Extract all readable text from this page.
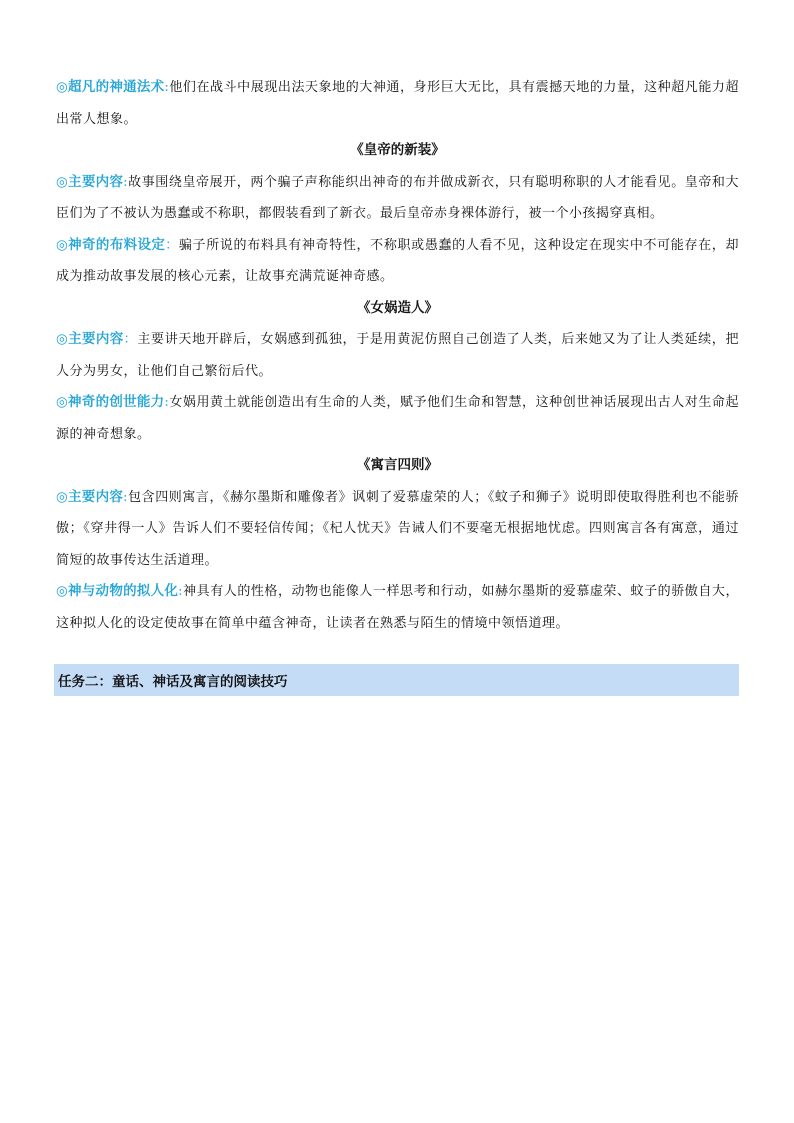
◎超凡的神通法术:他们在战斗中展现出法天象地的大神通，身形巨大无比，具有震撼天地的力量，这种超凡能力超出常人想象。

《皇帝的新装》

◎主要内容:故事围绕皇帝展开，两个骗子声称能织出神奇的布并做成新衣，只有聪明称职的人才能看见。皇帝和大臣们为了不被认为愚蠢或不称职，都假装看到了新衣。最后皇帝赤身裸体游行，被一个小孩揭穿真相。

◎神奇的布料设定：骗子所说的布料具有神奇特性，不称职或愚蠢的人看不见，这种设定在现实中不可能存在，却成为推动故事发展的核心元素，让故事充满荒诞神奇感。

《女娲造人》

◎主要内容：主要讲天地开辟后，女娲感到孤独，于是用黄泥仿照自己创造了人类，后来她又为了让人类延续，把人分为男女，让他们自己繁衍后代。

◎神奇的创世能力:女娲用黄土就能创造出有生命的人类，赋予他们生命和智慧，这种创世神话展现出古人对生命起源的神奇想象。

《寓言四则》

◎主要内容:包含四则寓言，《赫尔墨斯和雕像者》讽刺了爱慕虚荣的人；《蚊子和狮子》说明即使取得胜利也不能骄傲；《穿井得一人》告诉人们不要轻信传闻；《杞人忧天》告诫人们不要毫无根据地忧虑。四则寓言各有寓意，通过简短的故事传达生活道理。

◎神与动物的拟人化:神具有人的性格，动物也能像人一样思考和行动，如赫尔墨斯的爱慕虚荣、蚊子的骄傲自大，这种拟人化的设定使故事在简单中蕴含神奇，让读者在熟悉与陌生的情境中领悟道理。

任务二：童话、神话及寓言的阅读技巧
